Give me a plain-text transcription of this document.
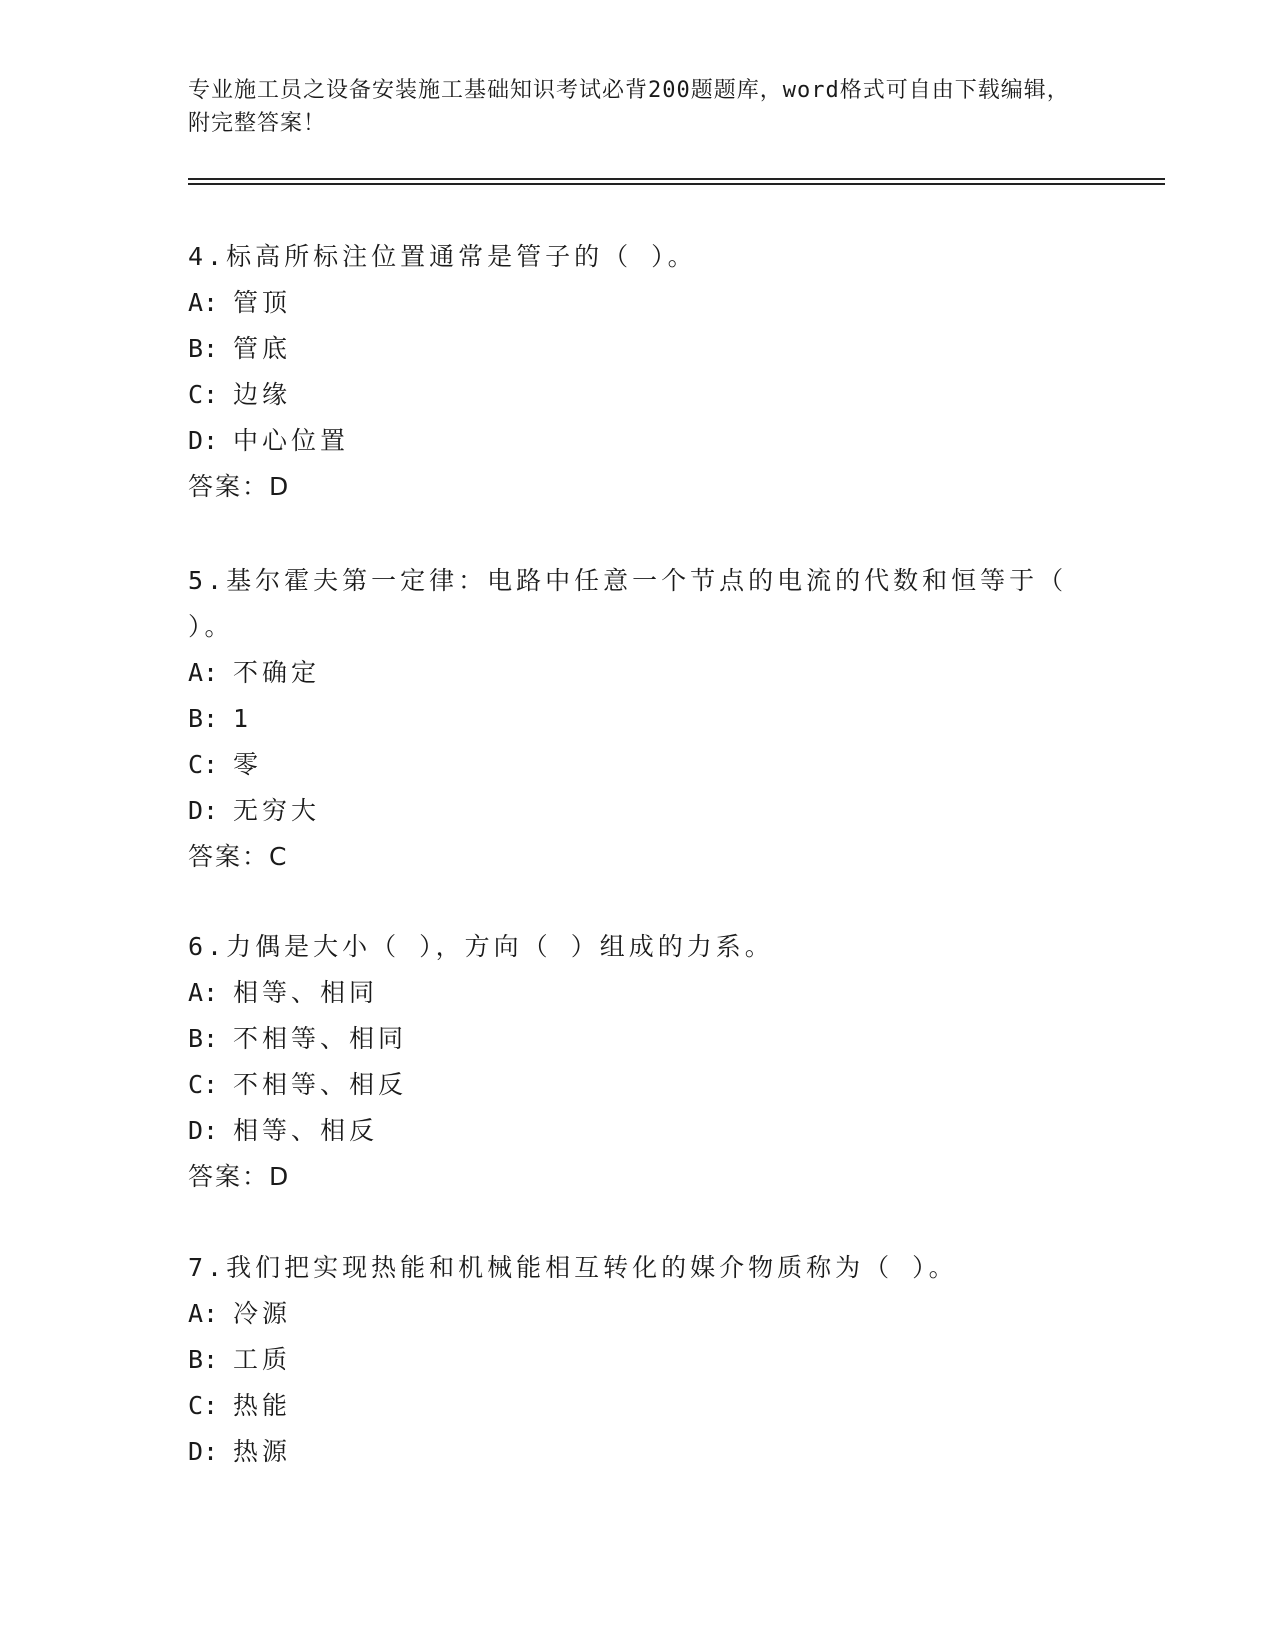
专业施工员之设备安装施工基础知识考试必背200题题库，word格式可自由下载编辑，附完整答案！

4.标高所标注位置通常是管子的（ ）。

A: 管顶

B: 管底

C: 边缘

D: 中心位置

答案：D

5.基尔霍夫第一定律：电路中任意一个节点的电流的代数和恒等于（ ）。

A: 不确定

B: 1

C: 零

D: 无穷大

答案：C

6.力偶是大小（ ），方向（ ）组成的力系。

A: 相等、相同

B: 不相等、相同

C: 不相等、相反

D: 相等、相反

答案：D

7.我们把实现热能和机械能相互转化的媒介物质称为（ ）。

A: 冷源

B: 工质

C: 热能

D: 热源
